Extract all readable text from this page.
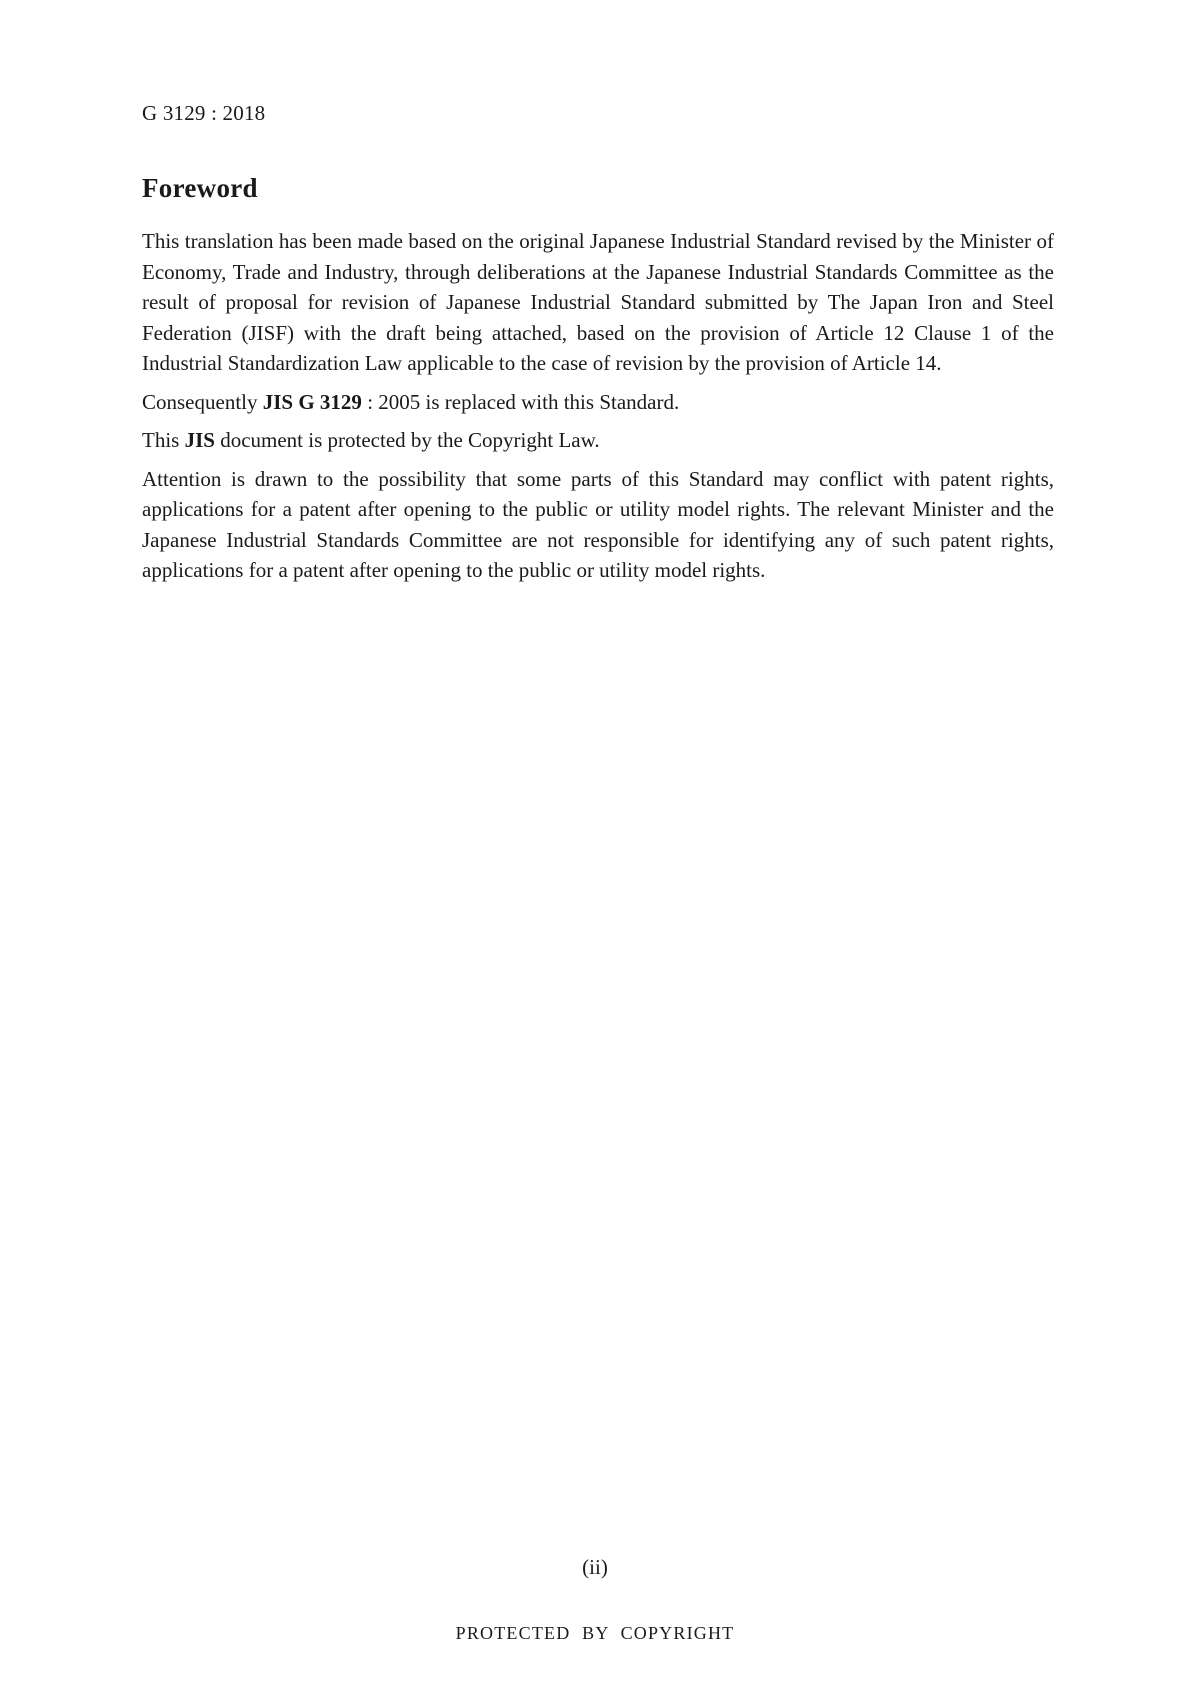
G 3129 : 2018

Foreword

This translation has been made based on the original Japanese Industrial Standard revised by the Minister of Economy, Trade and Industry, through deliberations at the Japanese Industrial Standards Committee as the result of proposal for revision of Japanese Industrial Standard submitted by The Japan Iron and Steel Federation (JISF) with the draft being attached, based on the provision of Article 12 Clause 1 of the Industrial Standardization Law applicable to the case of revision by the provision of Article 14.

Consequently JIS G 3129 : 2005 is replaced with this Standard.

This JIS document is protected by the Copyright Law.

Attention is drawn to the possibility that some parts of this Standard may conflict with patent rights, applications for a patent after opening to the public or utility model rights. The relevant Minister and the Japanese Industrial Standards Committee are not responsible for identifying any of such patent rights, applications for a patent after opening to the public or utility model rights.

(ii)

PROTECTED BY COPYRIGHT
